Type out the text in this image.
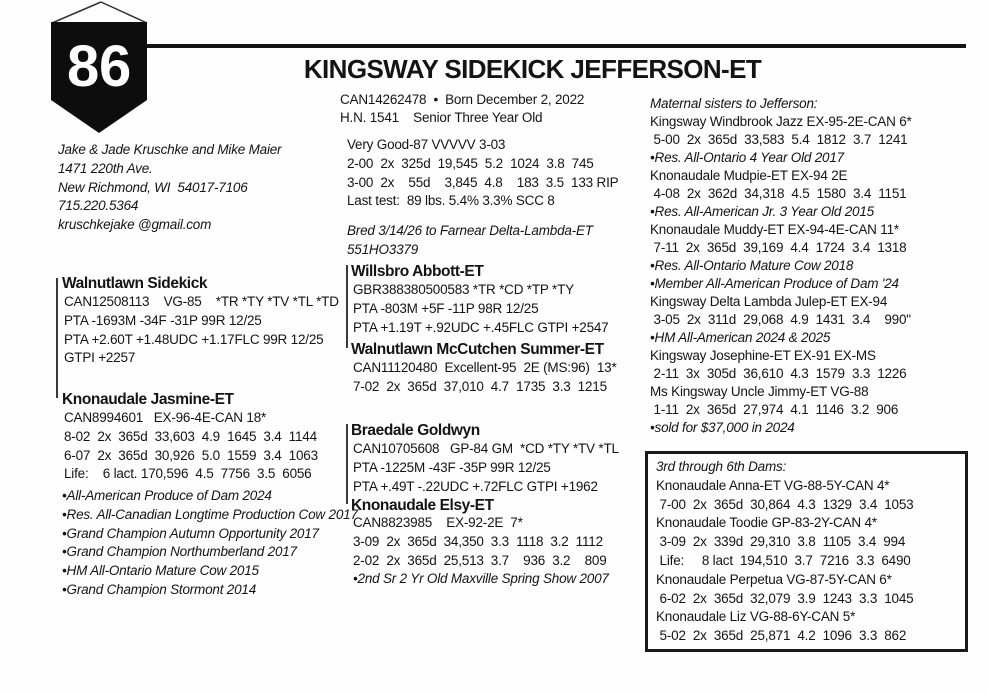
86	KINGSWAY SIDEKICK JEFFERSON-ET
CAN14262478  •  Born December 2, 2022
H.N. 1541    Senior Three Year Old
Jake & Jade Kruschke and Mike Maier
1471 220th Ave.
New Richmond, WI  54017-7106
715.220.5364
kruschkejake @gmail.com
Very Good-87 VVVVV 3-03
2-00  2x  325d  19,545  5.2  1024  3.8  745
3-00  2x    55d    3,845  4.8    183  3.5  133 RIP
Last test:  89 lbs. 5.4% 3.3% SCC 8
Bred 3/14/26 to Farnear Delta-Lambda-ET
551HO3379
Walnutlawn Sidekick
CAN12508113    VG-85    *TR *TY *TV *TL *TD
PTA -1693M -34F -31P 99R 12/25
PTA +2.60T +1.48UDC +1.17FLC 99R 12/25
GTPI +2257
Knonaudale Jasmine-ET
CAN8994601   EX-96-4E-CAN 18*
8-02  2x  365d  33,603  4.9  1645  3.4  1144
6-07  2x  365d  30,926  5.0  1559  3.4  1063
Life:    6 lact. 170,596  4.5  7756  3.5  6056
•All-American Produce of Dam 2024
•Res. All-Canadian Longtime Production Cow 2017
•Grand Champion Autumn Opportunity 2017
•Grand Champion Northumberland 2017
•HM All-Ontario Mature Cow 2015
•Grand Champion Stormont 2014
Willsbro Abbott-ET
GBR388380500583 *TR *CD *TP *TY
PTA -803M +5F -11P 98R 12/25
PTA +1.19T +.92UDC +.45FLC GTPI +2547
Walnutlawn McCutchen Summer-ET
CAN11120480  Excellent-95  2E (MS:96)  13*
7-02  2x  365d  37,010  4.7  1735  3.3  1215
Braedale Goldwyn
CAN10705608   GP-84 GM  *CD *TY *TV *TL
PTA -1225M -43F -35P 99R 12/25
PTA +.49T -.22UDC +.72FLC GTPI +1962
Knonaudale Elsy-ET
CAN8823985    EX-92-2E  7*
3-09  2x  365d  34,350  3.3  1118  3.2  1112
2-02  2x  365d  25,513  3.7    936  3.2    809
•2nd Sr 2 Yr Old Maxville Spring Show 2007
Maternal sisters to Jefferson:
Kingsway Windbrook Jazz EX-95-2E-CAN 6*
5-00  2x  365d  33,583  5.4  1812  3.7  1241
•Res. All-Ontario 4 Year Old 2017
Knonaudale Mudpie-ET EX-94 2E
4-08  2x  362d  34,318  4.5  1580  3.4  1151
•Res. All-American Jr. 3 Year Old 2015
Knonaudale Muddy-ET EX-94-4E-CAN 11*
7-11  2x  365d  39,169  4.4  1724  3.4  1318
•Res. All-Ontario Mature Cow 2018
•Member All-American Produce of Dam '24
Kingsway Delta Lambda Julep-ET EX-94
3-05  2x  311d  29,068  4.9  1431  3.4    990"
•HM All-American 2024 & 2025
Kingsway Josephine-ET EX-91 EX-MS
2-11  3x  305d  36,610  4.3  1579  3.3  1226
Ms Kingsway Uncle Jimmy-ET VG-88
1-11  2x  365d  27,974  4.1  1146  3.2  906
•sold for $37,000 in 2024
3rd through 6th Dams:
Knonaudale Anna-ET VG-88-5Y-CAN 4*
7-00  2x  365d  30,864  4.3  1329  3.4  1053
Knonaudale Toodie GP-83-2Y-CAN 4*
3-09  2x  339d  29,310  3.8  1105  3.4  994
Life:     8 lact  194,510  3.7  7216  3.3  6490
Knonaudale Perpetua VG-87-5Y-CAN 6*
6-02  2x  365d  32,079  3.9  1243  3.3  1045
Knonaudale Liz VG-88-6Y-CAN 5*
5-02  2x  365d  25,871  4.2  1096  3.3  862
